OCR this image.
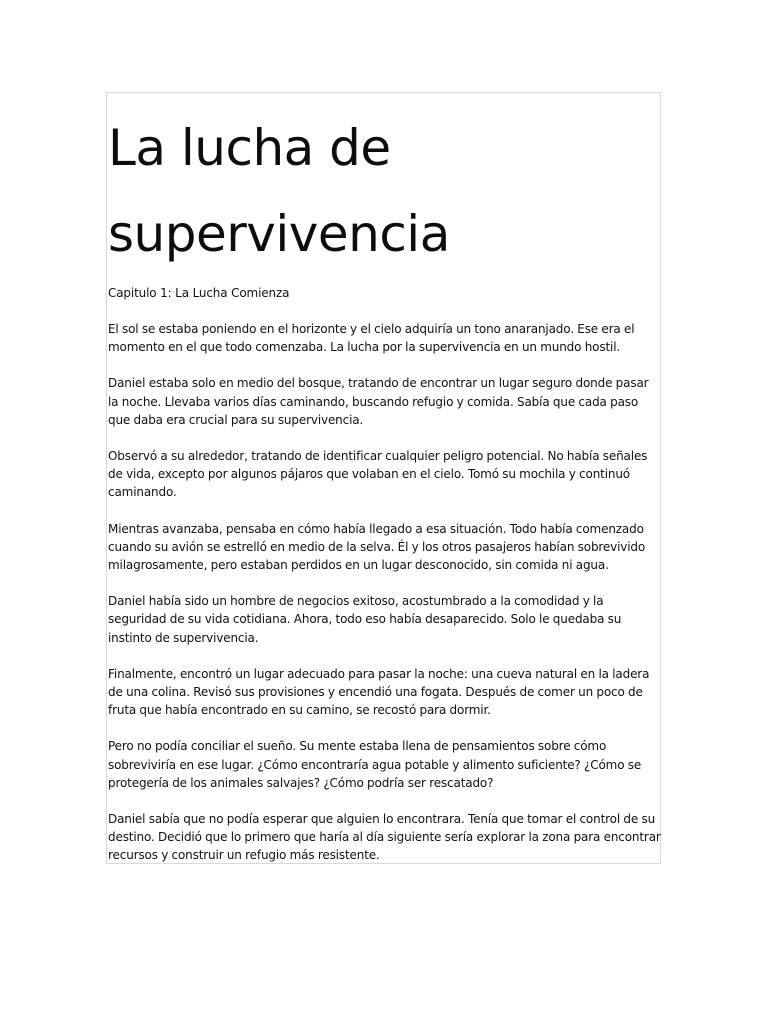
La lucha de supervivencia

Capitulo 1: La Lucha Comienza

El sol se estaba poniendo en el horizonte y el cielo adquiría un tono anaranjado. Ese era el momento en el que todo comenzaba. La lucha por la supervivencia en un mundo hostil.

Daniel estaba solo en medio del bosque, tratando de encontrar un lugar seguro donde pasar la noche. Llevaba varios días caminando, buscando refugio y comida. Sabía que cada paso que daba era crucial para su supervivencia.

Observó a su alrededor, tratando de identificar cualquier peligro potencial. No había señales de vida, excepto por algunos pájaros que volaban en el cielo. Tomó su mochila y continuó caminando.

Mientras avanzaba, pensaba en cómo había llegado a esa situación. Todo había comenzado cuando su avión se estrelló en medio de la selva. Él y los otros pasajeros habían sobrevivido milagrosamente, pero estaban perdidos en un lugar desconocido, sin comida ni agua.

Daniel había sido un hombre de negocios exitoso, acostumbrado a la comodidad y la seguridad de su vida cotidiana. Ahora, todo eso había desaparecido. Solo le quedaba su instinto de supervivencia.

Finalmente, encontró un lugar adecuado para pasar la noche: una cueva natural en la ladera de una colina. Revisó sus provisiones y encendió una fogata. Después de comer un poco de fruta que había encontrado en su camino, se recostó para dormir.

Pero no podía conciliar el sueño. Su mente estaba llena de pensamientos sobre cómo sobreviviría en ese lugar. ¿Cómo encontraría agua potable y alimento suficiente? ¿Cómo se protegería de los animales salvajes? ¿Cómo podría ser rescatado?

Daniel sabía que no podía esperar que alguien lo encontrara. Tenía que tomar el control de su destino. Decidió que lo primero que haría al día siguiente sería explorar la zona para encontrar recursos y construir un refugio más resistente.
